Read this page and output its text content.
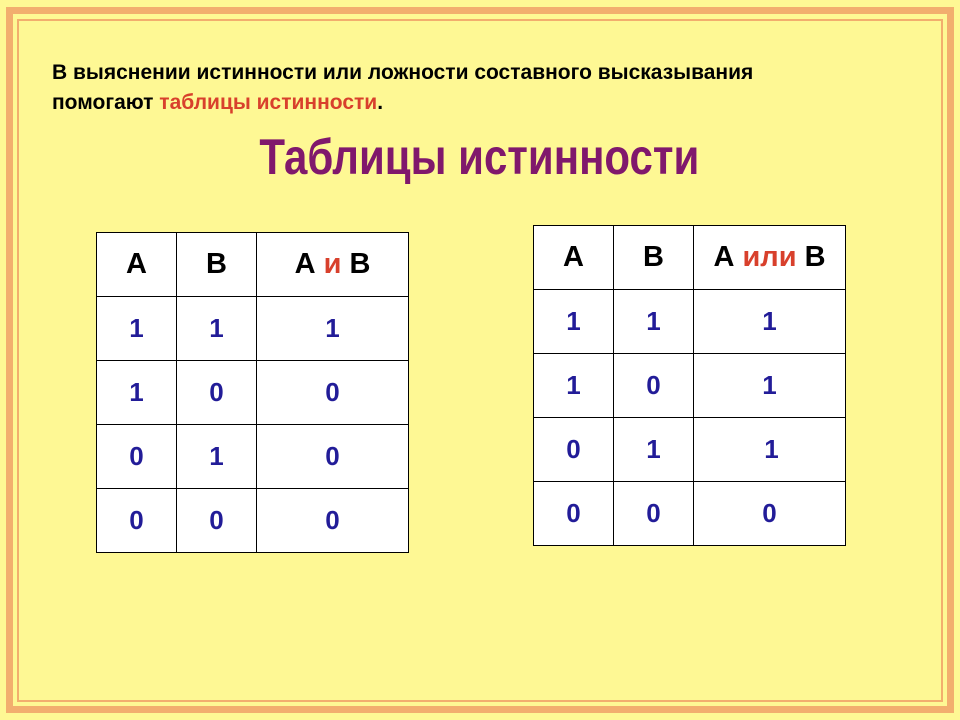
В выяснении истинности или ложности составного высказывания
помогают таблицы истинности.
Таблицы истинности
A	B	А и В
1	1	1
1	0	0
0	1	0
0	0	0
A	B	А или В
1	1	1
1	0	1
0	1	1
0	0	0
